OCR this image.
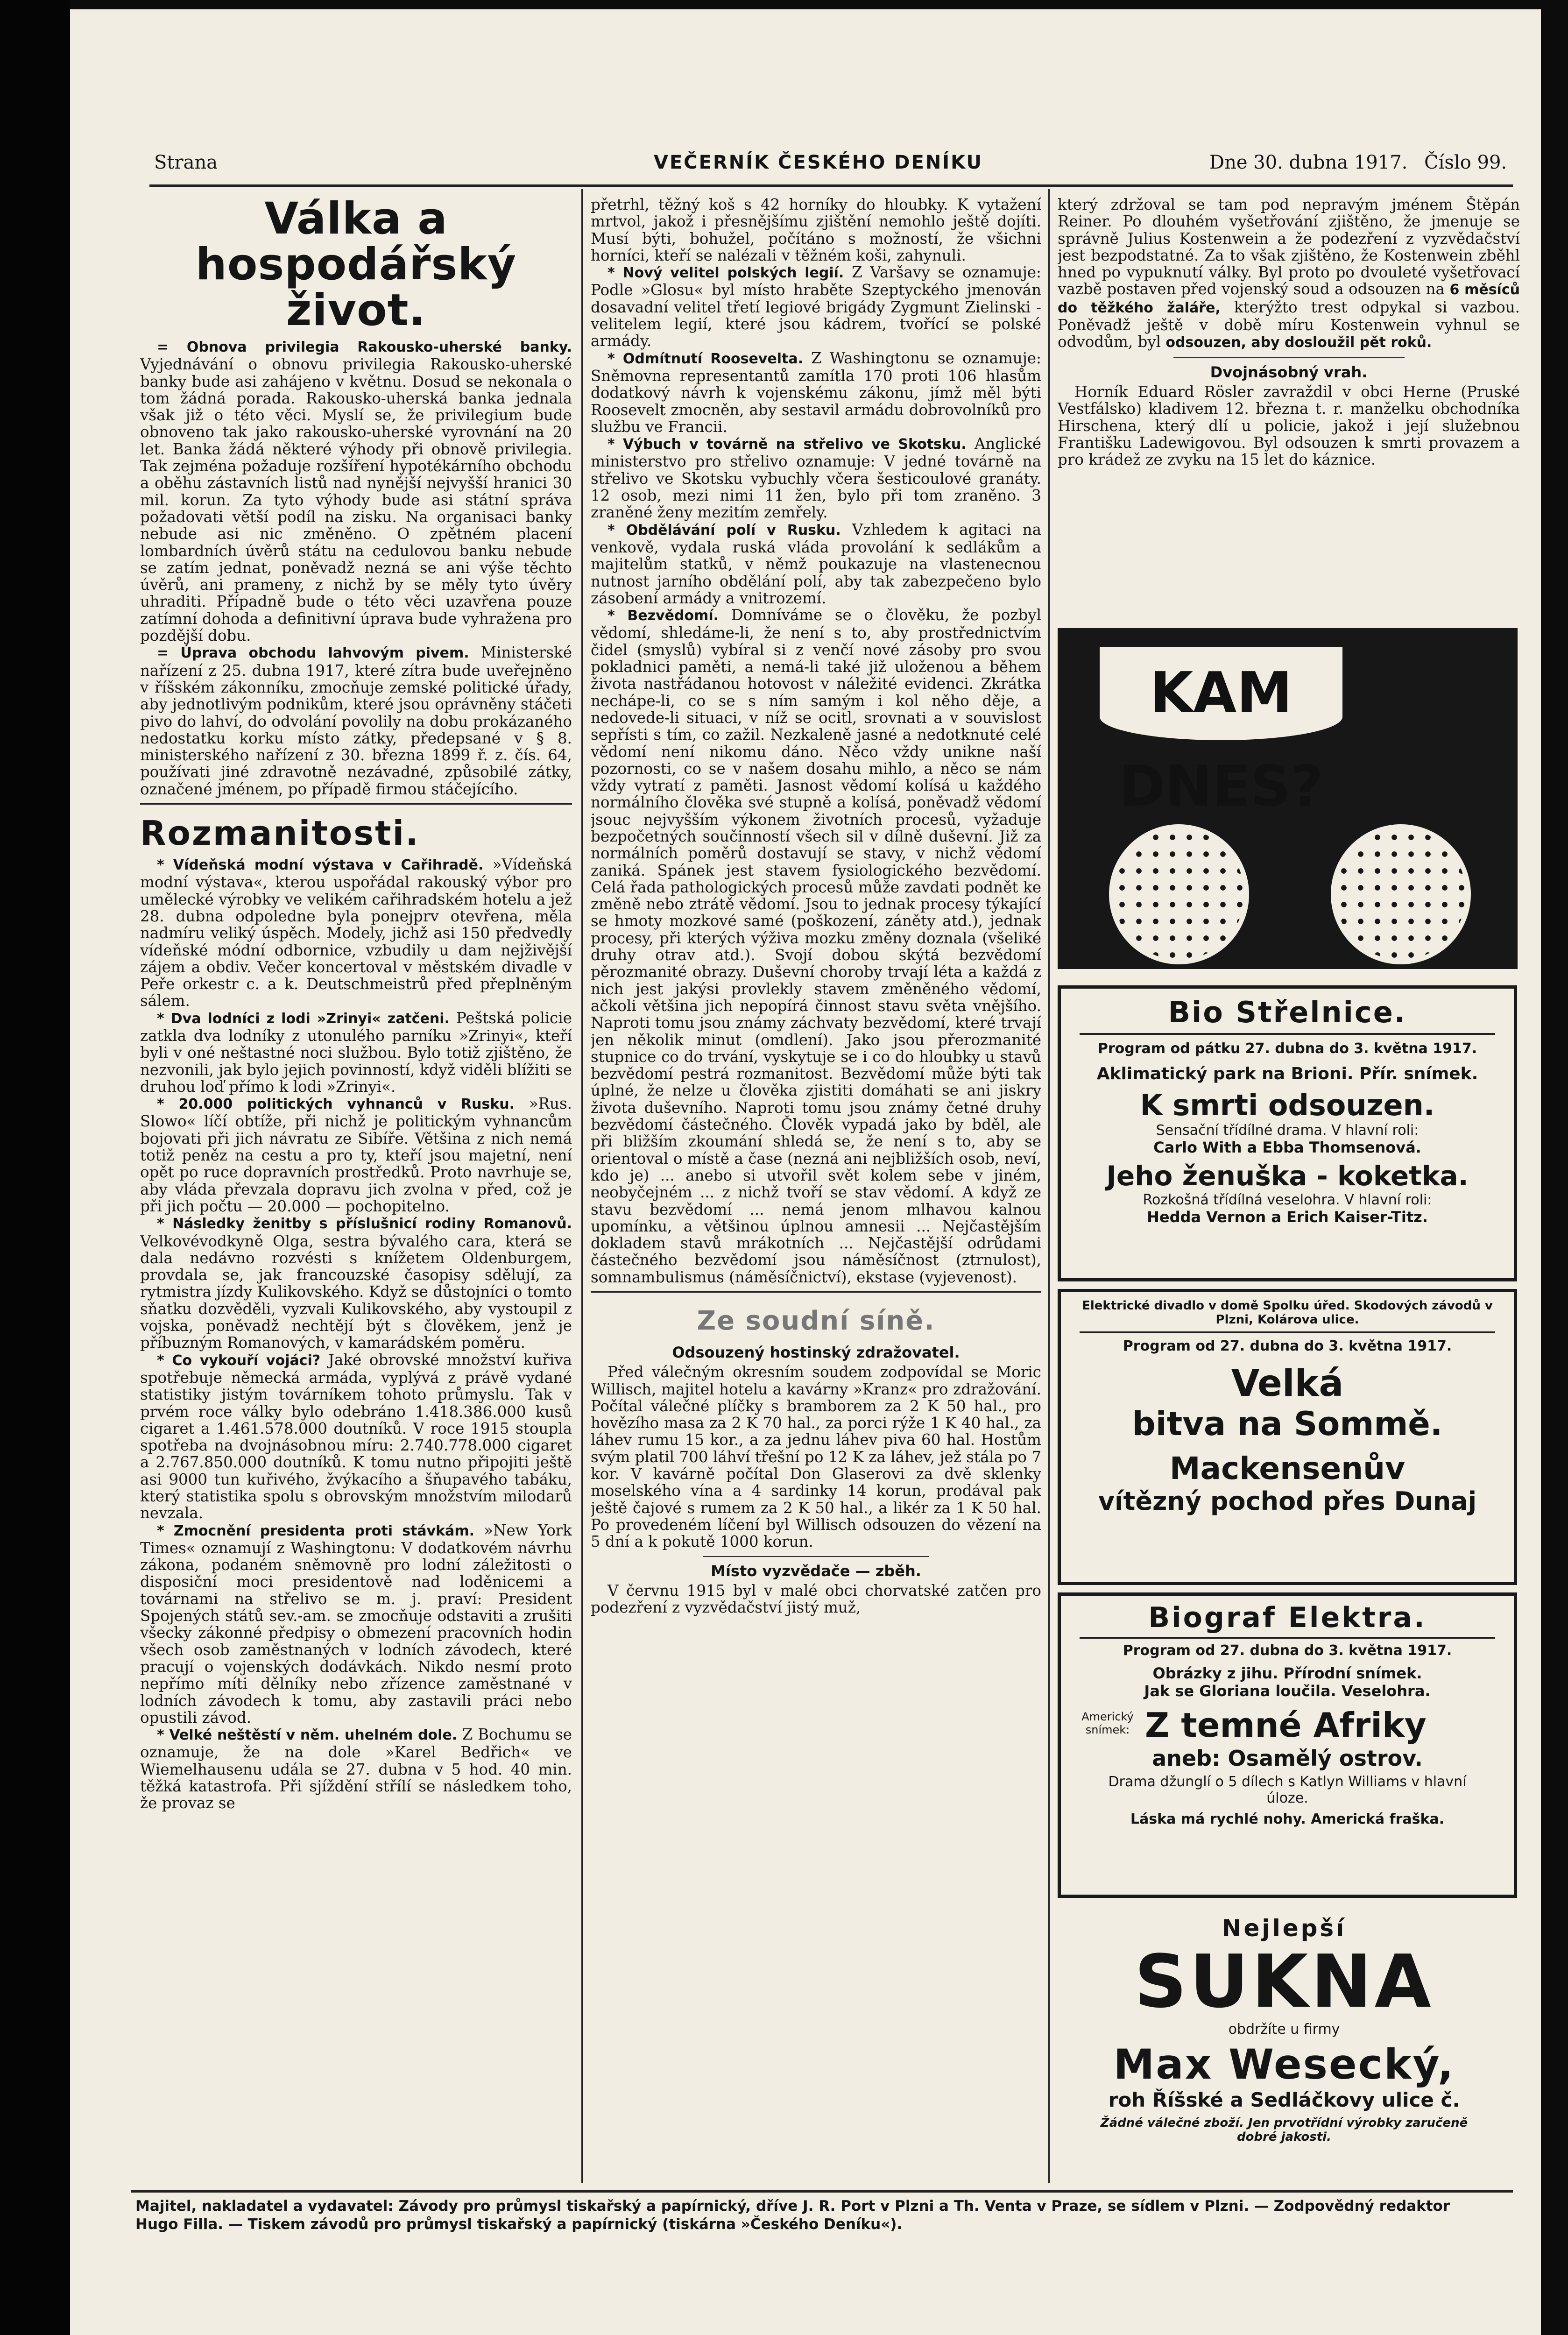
Strana	VEČERNÍK ČESKÉHO DENÍKU	Dne 30. dubna 1917. Číslo 99.
Válka a hospodářský
život.

= Obnova privilegia Rakousko-uherské banky. Vyjednávání o obnovu privilegia Rakousko-uherské banky bude asi zahájeno v květnu. Dosud se nekonala o tom žádná porada. Rakousko-uherská banka jednala však již o této věci. Myslí se, že privilegium bude obnoveno tak jako rakousko-uherské vyrovnání na 20 let. Banka žádá některé výhody při obnově privilegia. Tak zejména požaduje rozšíření hypotékárního obchodu a oběhu zástavních listů nad nynější nejvyšší hranici 30 mil. korun. Za tyto výhody bude asi státní správa požadovati větší podíl na zisku. Na organisaci banky nebude asi nic změněno. O zpětném placení lombardních úvěrů státu na cedulovou banku nebude se zatím jednat, poněvadž nezná se ani výše těchto úvěrů, ani prameny, z nichž by se měly tyto úvěry uhraditi. Případně bude o této věci uzavřena pouze zatímní dohoda a definitivní úprava bude vyhražena pro pozdější dobu.

= Úprava obchodu lahvovým pivem. Ministerské nařízení z 25. dubna 1917, které zítra bude uveřejněno v říšském zákonníku, zmocňuje zemské politické úřady, aby jednotlivým podnikům, které jsou oprávněny stáčeti pivo do lahví, do odvolání povolily na dobu prokázaného nedostatku korku místo zátky, předepsané v § 8. ministerského nařízení z 30. března 1899 ř. z. čís. 64, používati jiné zdravotně nezávadné, způsobilé zátky, označené jménem, po případě firmou stáčejícího.

Rozmanitosti.

* Vídeňská modní výstava v Cařihradě. »Vídeňská modní výstava«, kterou uspořádal rakouský výbor pro umělecké výrobky ve velikém cařihradském hotelu a jež 28. dubna odpoledne byla ponejprv otevřena, měla nadmíru veliký úspěch. Modely, jichž asi 150 předvedly vídeňské módní odbornice, vzbudily u dam nejživější zájem a obdiv. Večer koncertoval v městském divadle v Peře orkestr c. a k. Deutschmeistrů před přeplněným sálem.

* Dva lodníci z lodi »Zrinyi« zatčeni. Peštská policie zatkla dva lodníky z utonulého parníku »Zrinyi«, kteří byli v oné neštastné noci službou. Bylo totiž zjištěno, že nezvonili, jak bylo jejich povinností, když viděli blížiti se druhou loď přímo k lodi »Zrinyi«.

* 20.000 politických vyhnanců v Rusku. »Rus. Slowo« líčí obtíže, při nichž je politickým vyhnancům bojovati při jich návratu ze Sibíře. Většina z nich nemá totiž peněz na cestu a pro ty, kteří jsou majetní, není opět po ruce dopravních prostředků. Proto navrhuje se, aby vláda převzala dopravu jich zvolna v před, což je při jich počtu — 20.000 — pochopitelno.

* Následky ženitby s příslušnicí rodiny Romanovů. Velkovévodkyně Olga, sestra bývalého cara, která se dala nedávno rozvésti s knížetem Oldenburgem, provdala se, jak francouzské časopisy sdělují, za rytmistra jízdy Kulikovského. Když se důstojníci o tomto sňatku dozvěděli, vyzvali Kulikovského, aby vystoupil z vojska, poněvadž nechtějí být s člověkem, jenž je příbuzným Romanových, v kamarádském poměru.

* Co vykouří vojáci? Jaké obrovské množství kuřiva spotřebuje německá armáda, vyplývá z právě vydané statistiky jistým továrníkem tohoto průmyslu. Tak v prvém roce války bylo odebráno 1.418.386.000 kusů cigaret a 1.461.578.000 doutníků. V roce 1915 stoupla spotřeba na dvojnásobnou míru: 2.740.778.000 cigaret a 2.767.850.000 doutníků. K tomu nutno připojiti ještě asi 9000 tun kuřivého, žvýkacího a šňupavého tabáku, který statistika spolu s obrovským množstvím milodarů nevzala.

* Zmocnění presidenta proti stávkám. »New York Times« oznamují z Washingtonu: V dodatkovém návrhu zákona, podaném sněmovně pro lodní záležitosti o disposiční moci presidentově nad loděnicemi a továrnami na střelivo se m. j. praví: President Spojených států sev.-am. se zmocňuje odstaviti a zrušiti všecky zákonné předpisy o obmezení pracovních hodin všech osob zaměstnaných v lodních závodech, které pracují o vojenských dodávkách. Nikdo nesmí proto nepřímo míti dělníky nebo zřízence zaměstnané v lodních závodech k tomu, aby zastavili práci nebo opustili závod.

* Velké neštěstí v něm. uhelném dole. Z Bochumu se oznamuje, že na dole »Karel Bedřich« ve Wiemelhausenu udála se 27. dubna v 5 hod. 40 min. těžká katastrofa. Při sjíždění střílí se následkem toho, že provaz se

přetrhl, těžný koš s 42 horníky do hloubky. K vytažení mrtvol, jakož i přesnějšímu zjištění nemohlo ještě dojíti. Musí býti, bohužel, počítáno s možností, že všichni horníci, kteří se nalézali v těžném koši, zahynuli.

* Nový velitel polských legií. Z Varšavy se oznamuje: Podle »Glosu« byl místo hraběte Szeptyckého jmenován dosavadní velitel třetí legiové brigády Zygmunt Zielinski - velitelem legií, které jsou kádrem, tvořící se polské armády.

* Odmítnutí Roosevelta. Z Washingtonu se oznamuje: Sněmovna representantů zamítla 170 proti 106 hlasům dodatkový návrh k vojenskému zákonu, jímž měl býti Roosevelt zmocněn, aby sestavil armádu dobrovolníků pro službu ve Francii.

* Výbuch v továrně na střelivo ve Skotsku. Anglické ministerstvo pro střelivo oznamuje: V jedné továrně na střelivo ve Skotsku vybuchly včera šesticoulové granáty. 12 osob, mezi nimi 11 žen, bylo při tom zraněno. 3 zraněné ženy mezitím zemřely.

* Obdělávání polí v Rusku. Vzhledem k agitaci na venkově, vydala ruská vláda provolání k sedlákům a majitelům statků, v němž poukazuje na vlastenecnou nutnost jarního obdělání polí, aby tak zabezpečeno bylo zásobení armády a vnitrozemí.

* Bezvědomí. Domníváme se o člověku, že pozbyl vědomí, shledáme-li, že není s to, aby prostřednictvím čidel (smyslů) vybíral si z venčí nové zásoby pro svou pokladnici paměti, a nemá-li také již uloženou a během života nastřádanou hotovost v náležité evidenci. Zkrátka nechápe-li, co se s ním samým i kol něho děje, a nedovede-li situaci, v níž se ocitl, srovnati a v souvislost sepřísti s tím, co zažil. Nezkaleně jasné a nedotknuté celé vědomí není nikomu dáno. Něco vždy unikne naší pozornosti, co se v našem dosahu mihlo, a něco se nám vždy vytratí z paměti. Jasnost vědomí kolísá u každého normálního člověka své stupně a kolísá, poněvadž vědomí jsouc nejvyšším výkonem životních procesů, vyžaduje bezpočetných součinností všech sil v dílně duševní. Již za normálních poměrů dostavují se stavy, v nichž vědomí zaniká. Spánek jest stavem fysiologického bezvědomí. Celá řada pathologických procesů může zavdati podnět ke změně nebo ztrátě vědomí. Jsou to jednak procesy týkající se hmoty mozkové samé (poškození, záněty atd.), jednak procesy, při kterých výživa mozku změny doznala (všeliké druhy otrav atd.). Svojí dobou skýtá bezvědomí pěrozmanité obrazy. Duševní choroby trvají léta a každá z nich jest jakýsi provlekly stavem změněného vědomí, ačkoli většina jich nepopírá činnost stavu světa vnějšího. Naproti tomu jsou známy záchvaty bezvědomí, které trvají jen několik minut (omdlení). Jako jsou přerozmanité stupnice co do trvání, vyskytuje se i co do hloubky u stavů bezvědomí pestrá rozmanitost. Bezvědomí může býti tak úplné, že nelze u člověka zjistiti domáhati se ani jiskry života duševního. Naproti tomu jsou známy četné druhy bezvědomí částečného. Člověk vypadá jako by bděl, ale při bližším zkoumání shledá se, že není s to, aby se orientoval o místě a čase (nezná ani nejbližších osob, neví, kdo je) ... anebo si utvořil svět kolem sebe v jiném, neobyčejném ... z nichž tvoří se stav vědomí. A když ze stavu bezvědomí ... nemá jenom mlhavou kalnou upomínku, a většinou úplnou amnesii ... Nejčastějším dokladem stavů mrákotních ... Nejčastější odrůdami částečného bezvědomí jsou náměsíčnost (ztrnulost), somnambulismus (náměsíčnictví), ekstase (vyjevenost).

Ze soudní síně.
Odsouzený hostinský zdražovatel.

Před válečným okresním soudem zodpovídal se Moric Willisch, majitel hotelu a kavárny »Kranz« pro zdražování. Počítal válečné plíčky s bramborem za 2 K 50 hal., pro hovězího masa za 2 K 70 hal., za porci rýže 1 K 40 hal., za láhev rumu 15 kor., a za jednu láhev piva 60 hal. Hostům svým platil 700 láhví třešní po 12 K za láhev, jež stála po 7 kor. V kavárně počítal Don Glaserovi za dvě sklenky moselského vína a 4 sardinky 14 korun, prodával pak ještě čajové s rumem za 2 K 50 hal., a likér za 1 K 50 hal. Po provedeném líčení byl Willisch odsouzen do vězení na 5 dní a k pokutě 1000 korun.

Místo vyzvědače — zběh.

V červnu 1915 byl v malé obci chorvatské zatčen pro podezření z vyzvědačství jistý muž,

který zdržoval se tam pod nepravým jménem Štěpán Reiner. Po dlouhém vyšetřování zjištěno, že jmenuje se správně Julius Kostenwein a že podezření z vyzvědačství jest bezpodstatné. Za to však zjištěno, že Kostenwein zběhl hned po vypuknutí války. Byl proto po dvouleté vyšetřovací vazbě postaven před vojenský soud a odsouzen na 6 měsíců do těžkého žaláře, kterýžto trest odpykal si vazbou. Poněvadž ještě v době míru Kostenwein vyhnul se odvodům, byl odsouzen, aby dosloužil pět roků.

Dvojnásobný vrah.

Horník Eduard Rösler zavraždil v obci Herne (Pruské Vestfálsko) kladivem 12. března t. r. manželku obchodníka Hirschena, který dlí u policie, jakož i její služebnou Františku Ladewigovou. Byl odsouzen k smrti provazem a pro krádež ze zvyku na 15 let do káznice.

KAM DNES?
Bio Střelnice.
Program od pátku 27. dubna do 3. května 1917.
Aklimatický park na Brioni. Přír. snímek.
K smrti odsouzen.
Sensační třídílné drama. V hlavní roli:
Carlo With a Ebba Thomsenová.
Jeho ženuška - koketka.
Rozkošná třídílná veselohra. V hlavní roli:
Hedda Vernon a Erich Kaiser-Titz.
Elektrické divadlo v domě Spolku úřed. Skodových závodů v Plzni, Kolárova ulice.
Program od 27. dubna do 3. května 1917.
Velká
bitva na Sommě.
Mackensenův
vítězný pochod přes Dunaj
Biograf Elektra.
Program od 27. dubna do 3. května 1917.
Obrázky z jihu. Přírodní snímek.
Jak se Gloriana loučila. Veselohra.
Americký snímek: Z temné Afriky
aneb: Osamělý ostrov.
Drama džunglí o 5 dílech s Katlyn Williams v hlavní úloze.
Láska má rychlé nohy. Americká fraška.
Nejlepší
SUKNA
obdržíte u firmy
Max Wesecký,
roh Říšské a Sedláčkovy ulice č.
Žádné válečné zboží. Jen prvotřídní výrobky zaručeně dobré jakosti.
Majitel, nakladatel a vydavatel: Závody pro průmysl tiskařský a papírnický, dříve J. R. Port v Plzni a Th. Venta v Praze, se sídlem v Plzni. — Zodpovědný redaktor Hugo Filla. — Tiskem závodů pro průmysl tiskařský a papírnický (tiskárna »Českého Deníku«).
